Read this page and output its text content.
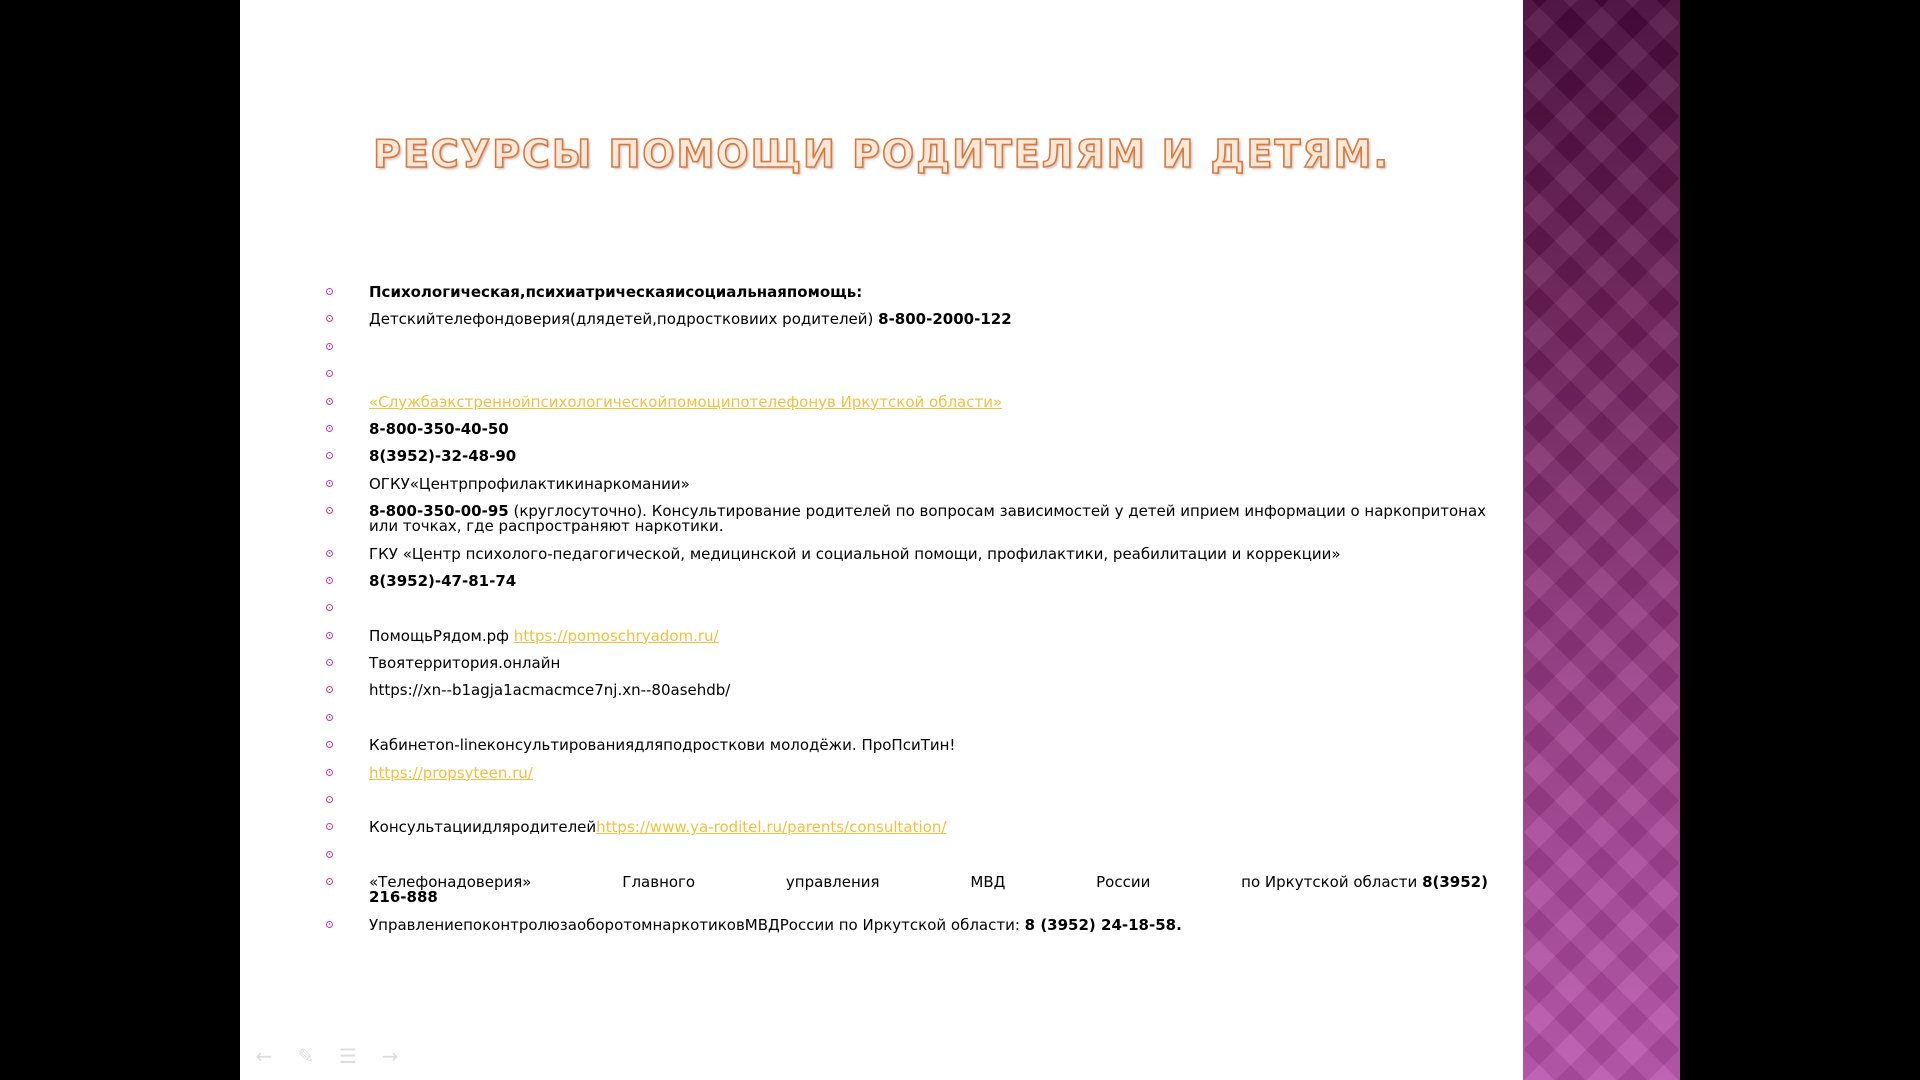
РЕСУРСЫ ПОМОЩИ РОДИТЕЛЯМ И ДЕТЯМ.
Психологическая,психиатрическаяисоциальнаяпомощь:
Детскийтелефондоверия(длядетей,подростковиих родителей) 8-800-2000-122
«Службаэкстреннойпсихологическойпомощипотелефонув Иркутской области»
8-800-350-40-50
8(3952)-32-48-90
ОГКУ«Центрпрофилактикинаркомании»
8-800-350-00-95 (круглосуточно). Консультирование родителей по вопросам зависимостей у детей иприем информации о наркопритонах или точках, где распространяют наркотики.
ГКУ «Центр психолого-педагогической, медицинской и социальной помощи, профилактики, реабилитации и коррекции»
8(3952)-47-81-74
ПомощьРядом.рф https://pomoschryadom.ru/
Твоятерритория.онлайн
https://xn--b1agja1acmacmce7nj.xn--80asehdb/
Кабинетon-lineконсультированиядляподросткови молодёжи. ПроПсиТин!
https://propsyteen.ru/
Консультациидляродителейhttps://www.ya-roditel.ru/parents/consultation/
«Телефонадоверия»	Главного	управления	МВД	России	по Иркутской области 8(3952)
216-888
УправлениепоконтролюзаоборотомнаркотиковМВДРоссии по Иркутской области: 8 (3952) 24-18-58.
← ✎ ☰ →
